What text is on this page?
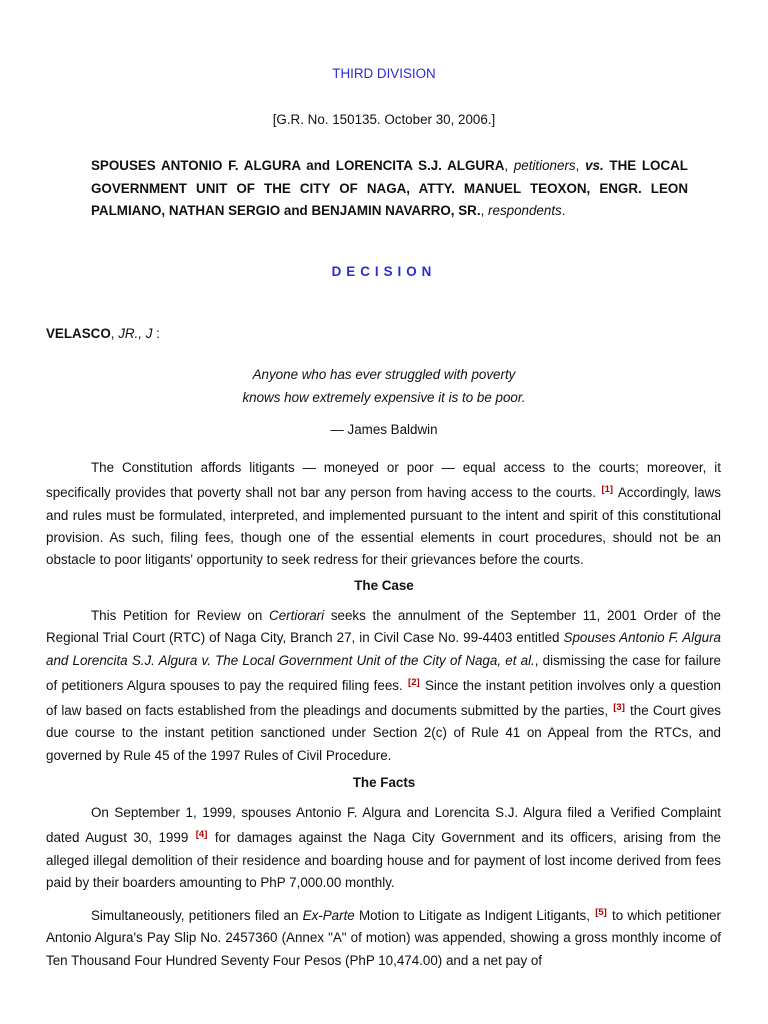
THIRD DIVISION
[G.R. No. 150135. October 30, 2006.]
SPOUSES ANTONIO F. ALGURA and LORENCITA S.J. ALGURA, petitioners, vs. THE LOCAL GOVERNMENT UNIT OF THE CITY OF NAGA, ATTY. MANUEL TEOXON, ENGR. LEON PALMIANO, NATHAN SERGIO and BENJAMIN NAVARRO, SR., respondents.
DECISION
VELASCO, JR., J :
Anyone who has ever struggled with poverty
knows how extremely expensive it is to be poor.
— James Baldwin
The Constitution affords litigants — moneyed or poor — equal access to the courts; moreover, it specifically provides that poverty shall not bar any person from having access to the courts. [1] Accordingly, laws and rules must be formulated, interpreted, and implemented pursuant to the intent and spirit of this constitutional provision. As such, filing fees, though one of the essential elements in court procedures, should not be an obstacle to poor litigants' opportunity to seek redress for their grievances before the courts.
The Case
This Petition for Review on Certiorari seeks the annulment of the September 11, 2001 Order of the Regional Trial Court (RTC) of Naga City, Branch 27, in Civil Case No. 99-4403 entitled Spouses Antonio F. Algura and Lorencita S.J. Algura v. The Local Government Unit of the City of Naga, et al., dismissing the case for failure of petitioners Algura spouses to pay the required filing fees. [2] Since the instant petition involves only a question of law based on facts established from the pleadings and documents submitted by the parties, [3] the Court gives due course to the instant petition sanctioned under Section 2(c) of Rule 41 on Appeal from the RTCs, and governed by Rule 45 of the 1997 Rules of Civil Procedure.
The Facts
On September 1, 1999, spouses Antonio F. Algura and Lorencita S.J. Algura filed a Verified Complaint dated August 30, 1999 [4] for damages against the Naga City Government and its officers, arising from the alleged illegal demolition of their residence and boarding house and for payment of lost income derived from fees paid by their boarders amounting to PhP 7,000.00 monthly.
Simultaneously, petitioners filed an Ex-Parte Motion to Litigate as Indigent Litigants, [5] to which petitioner Antonio Algura's Pay Slip No. 2457360 (Annex "A" of motion) was appended, showing a gross monthly income of Ten Thousand Four Hundred Seventy Four Pesos (PhP 10,474.00) and a net pay of
